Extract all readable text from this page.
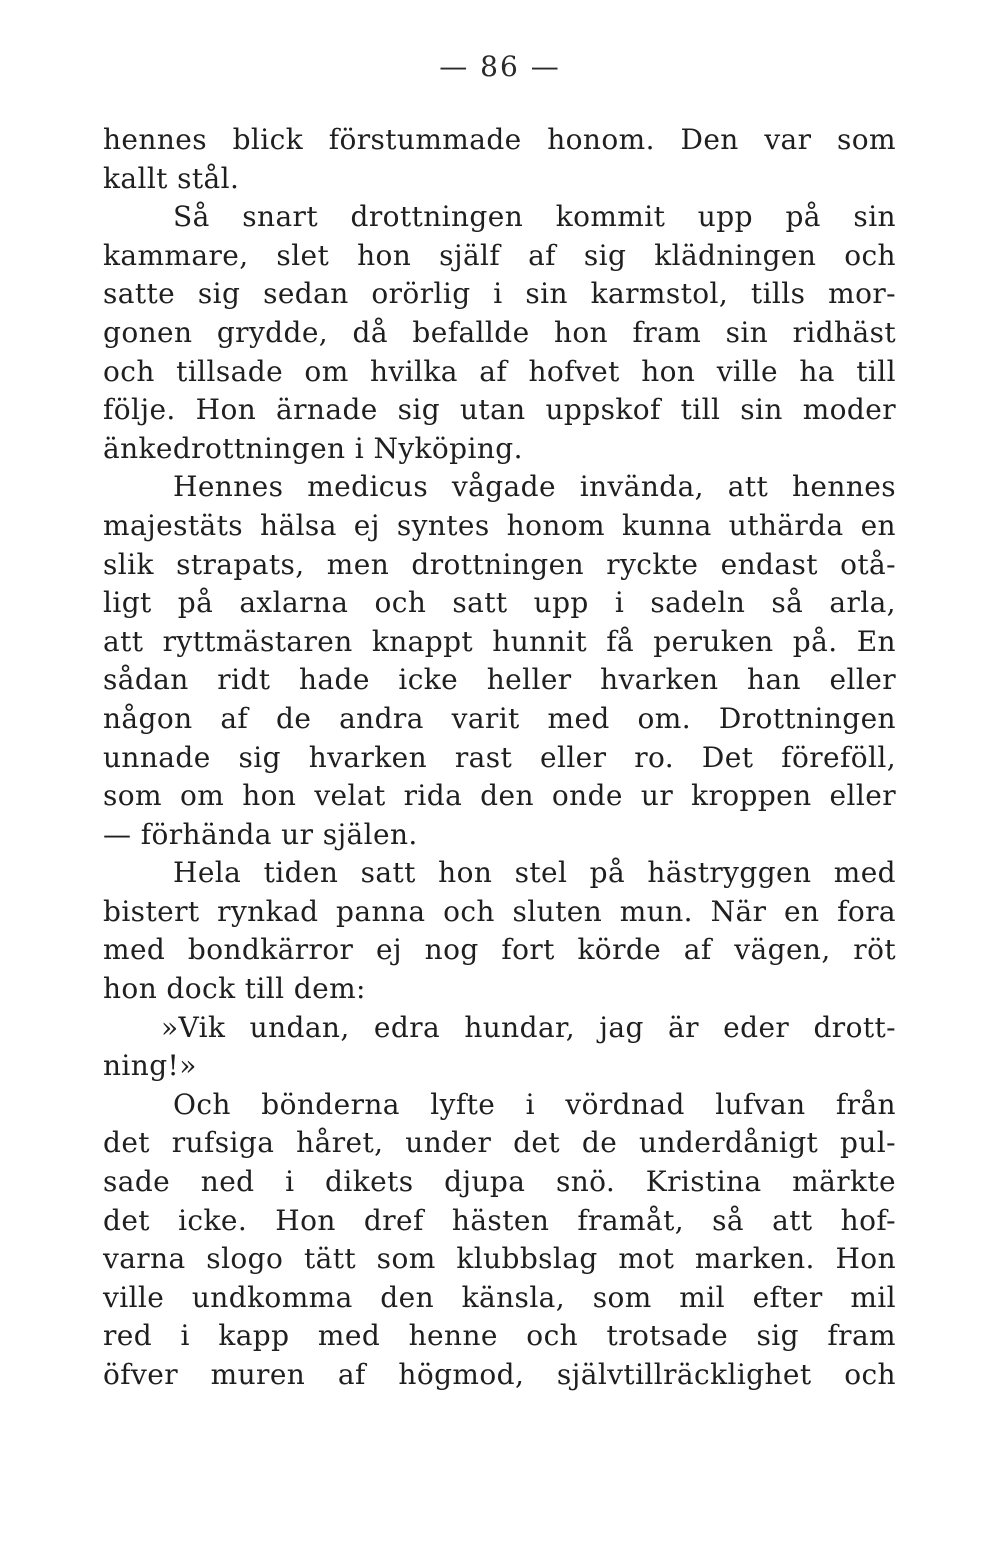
— 86 —
hennes blick förstummade honom. Den var som
kallt stål.
Så snart drottningen kommit upp på sin
kammare, slet hon själf af sig klädningen och
satte sig sedan orörlig i sin karmstol, tills mor-
gonen grydde, då befallde hon fram sin ridhäst
och tillsade om hvilka af hofvet hon ville ha till
följe. Hon ärnade sig utan uppskof till sin moder
änkedrottningen i Nyköping.
Hennes medicus vågade invända, att hennes
majestäts hälsa ej syntes honom kunna uthärda en
slik strapats, men drottningen ryckte endast otå-
ligt på axlarna och satt upp i sadeln så arla,
att ryttmästaren knappt hunnit få peruken på. En
sådan ridt hade icke heller hvarken han eller
någon af de andra varit med om. Drottningen
unnade sig hvarken rast eller ro. Det föreföll,
som om hon velat rida den onde ur kroppen eller
— förhända ur själen.
Hela tiden satt hon stel på hästryggen med
bistert rynkad panna och sluten mun. När en fora
med bondkärror ej nog fort körde af vägen, röt
hon dock till dem:
»Vik undan, edra hundar, jag är eder drott-
ning!»
Och bönderna lyfte i vördnad lufvan från
det rufsiga håret, under det de underdånigt pul-
sade ned i dikets djupa snö. Kristina märkte
det icke. Hon dref hästen framåt, så att hof-
varna slogo tätt som klubbslag mot marken. Hon
ville undkomma den känsla, som mil efter mil
red i kapp med henne och trotsade sig fram
öfver muren af högmod, självtillräcklighet och
